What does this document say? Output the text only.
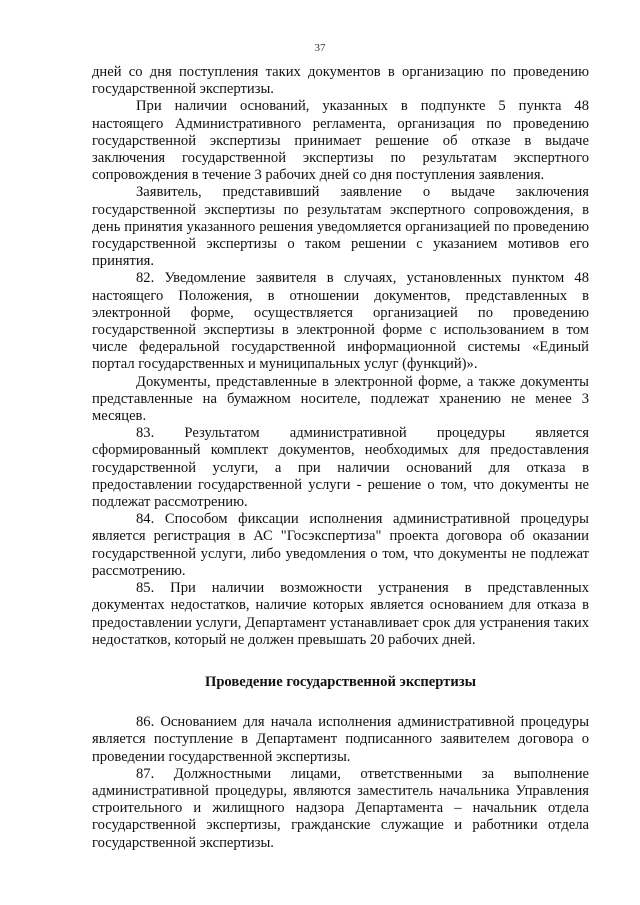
37

дней со дня поступления таких документов в организацию по проведению государственной экспертизы.

При наличии оснований, указанных в подпункте 5 пункта 48 настоящего Административного регламента, организация по проведению государственной экспертизы принимает решение об отказе в выдаче заключения государственной экспертизы по результатам экспертного сопровождения в течение 3 рабочих дней со дня поступления заявления.

Заявитель, представивший заявление о выдаче заключения государственной экспертизы по результатам экспертного сопровождения, в день принятия указанного решения уведомляется организацией по проведению государственной экспертизы о таком решении с указанием мотивов его принятия.

82. Уведомление заявителя в случаях, установленных пунктом 48 настоящего Положения, в отношении документов, представленных в электронной форме, осуществляется организацией по проведению государственной экспертизы в электронной форме с использованием в том числе федеральной государственной информационной системы «Единый портал государственных и муниципальных услуг (функций)».

Документы, представленные в электронной форме, а также документы представленные на бумажном носителе, подлежат хранению не менее 3 месяцев.

83. Результатом административной процедуры является сформированный комплект документов, необходимых для предоставления государственной услуги, а при наличии оснований для отказа в предоставлении государственной услуги - решение о том, что документы не подлежат рассмотрению.

84. Способом фиксации исполнения административной процедуры является регистрация в АС "Госэкспертиза" проекта договора об оказании государственной услуги, либо уведомления о том, что документы не подлежат рассмотрению.

85. При наличии возможности устранения в представленных документах недостатков, наличие которых является основанием для отказа в предоставлении услуги, Департамент устанавливает срок для устранения таких недостатков, который не должен превышать 20 рабочих дней.

Проведение государственной экспертизы

86. Основанием для начала исполнения административной процедуры является поступление в Департамент подписанного заявителем договора о проведении государственной экспертизы.

87. Должностными лицами, ответственными за выполнение административной процедуры, являются заместитель начальника Управления строительного и жилищного надзора Департамента – начальник отдела государственной экспертизы, гражданские служащие и работники отдела государственной экспертизы.
